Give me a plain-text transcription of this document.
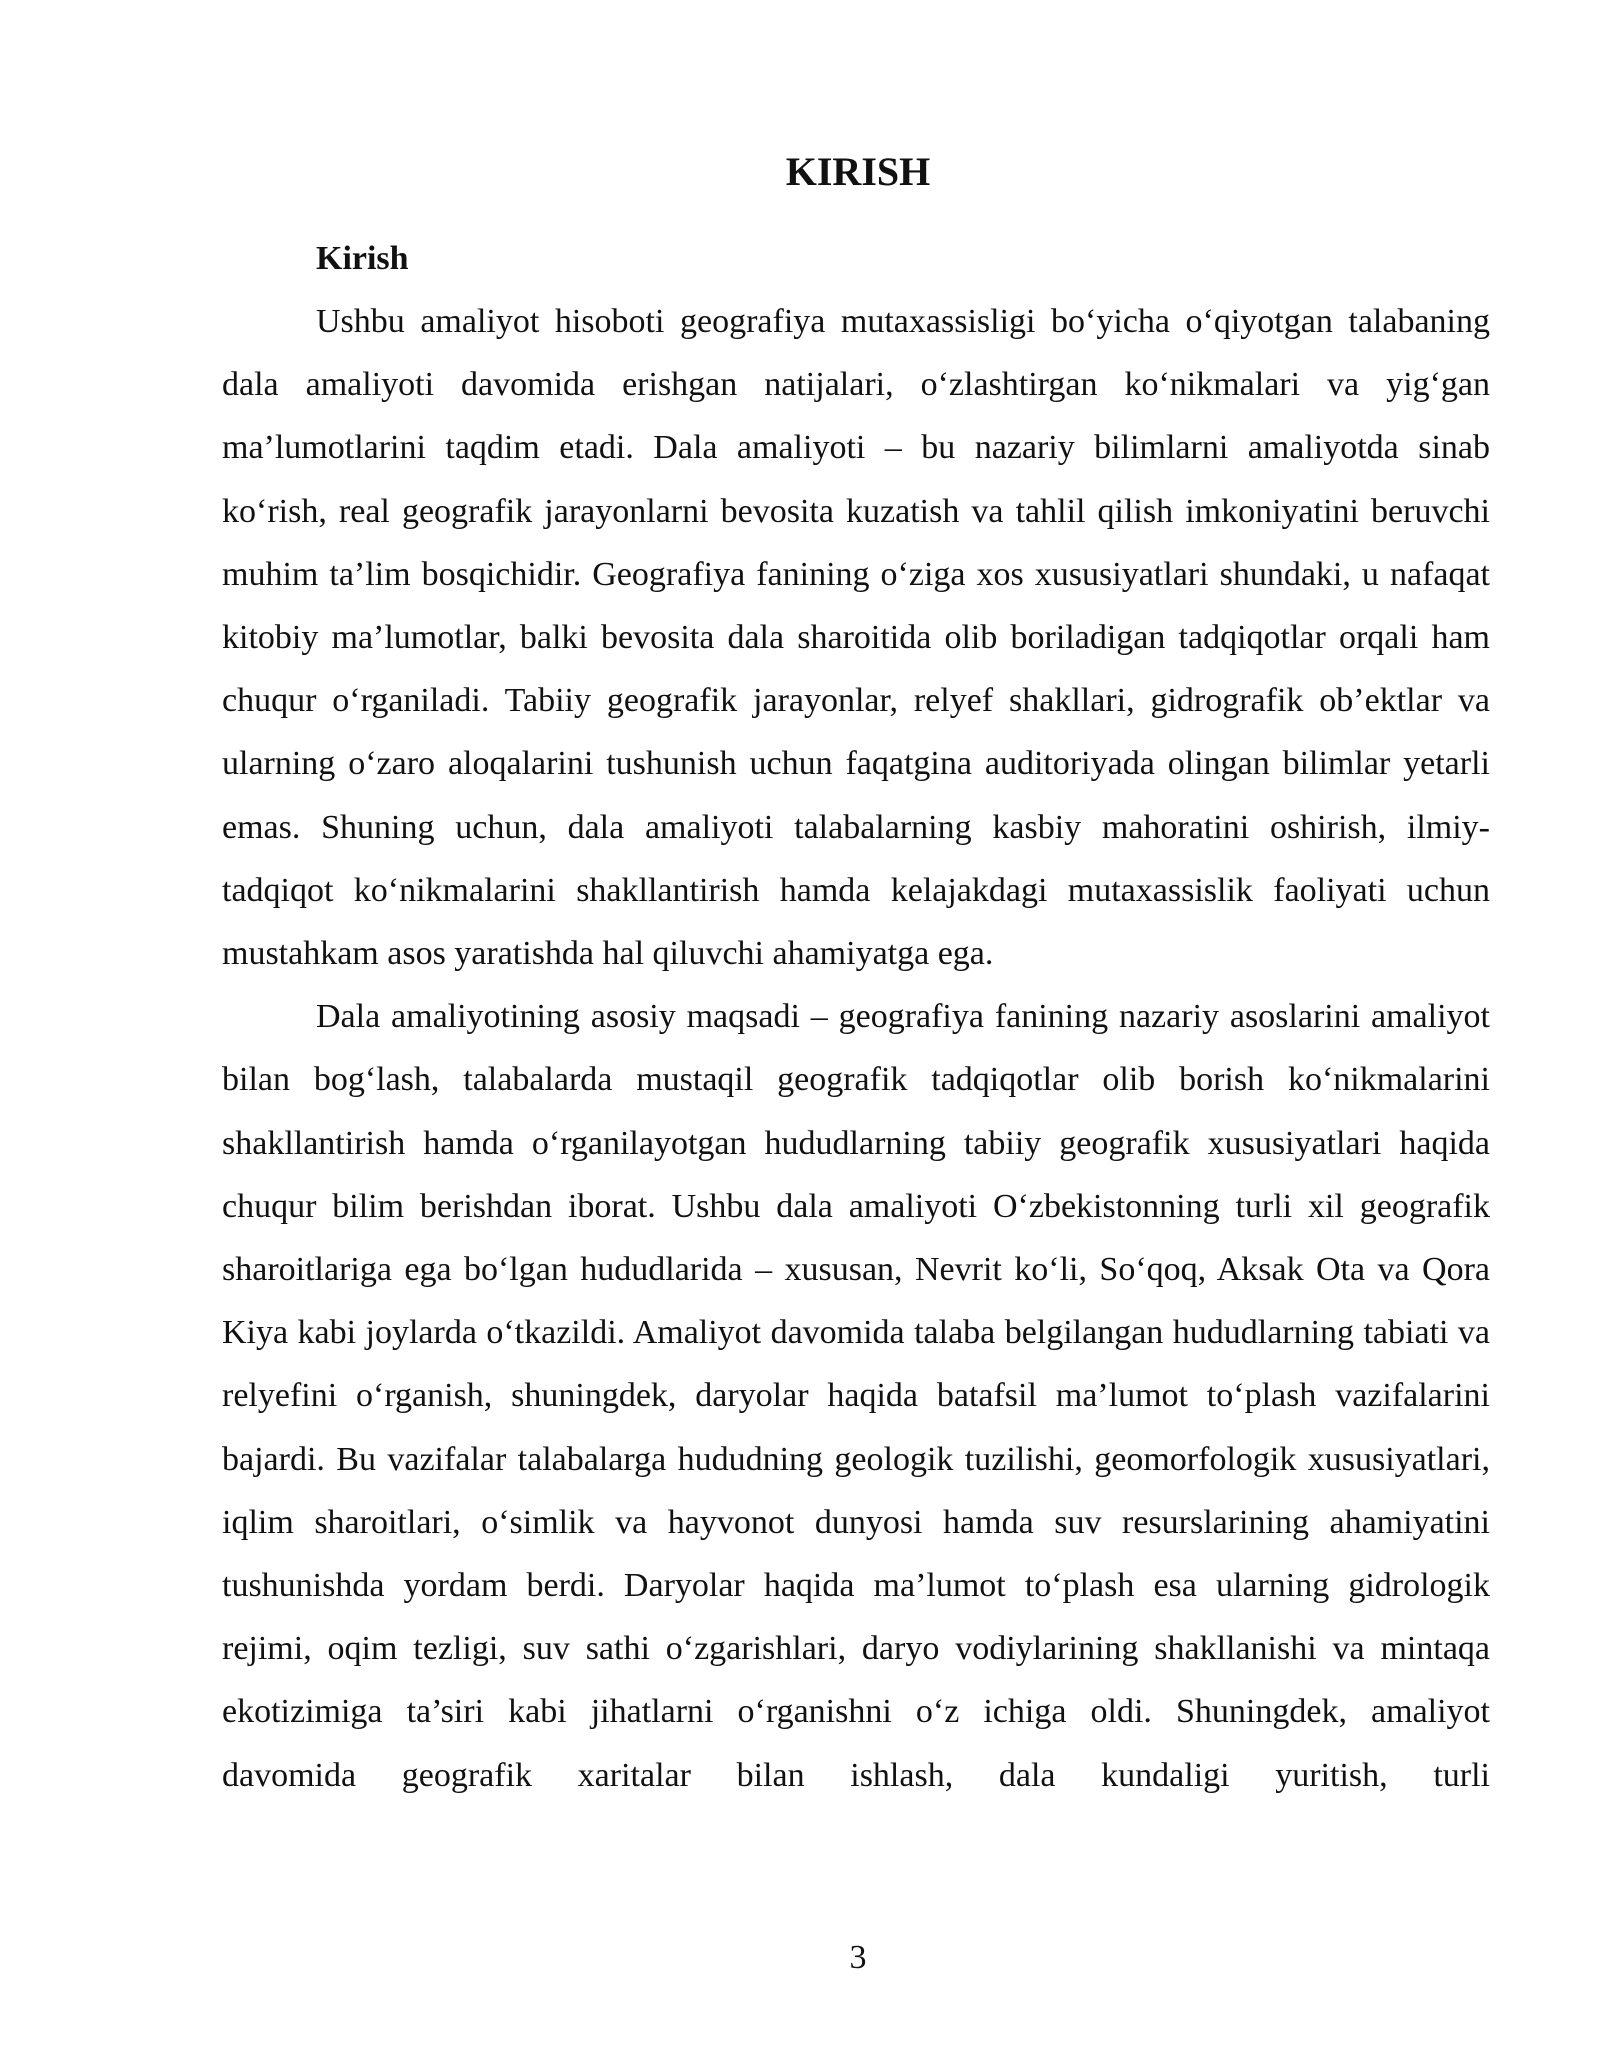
KIRISH
Kirish

Ushbu amaliyot hisoboti geografiya mutaxassisligi bo‘yicha o‘qiyotgan talabaning dala amaliyoti davomida erishgan natijalari, o‘zlashtirgan ko‘nikmalari va yig‘gan ma’lumotlarini taqdim etadi. Dala amaliyoti – bu nazariy bilimlarni amaliyotda sinab ko‘rish, real geografik jarayonlarni bevosita kuzatish va tahlil qilish imkoniyatini beruvchi muhim ta’lim bosqichidir. Geografiya fanining o‘ziga xos xususiyatlari shundaki, u nafaqat kitobiy ma’lumotlar, balki bevosita dala sharoitida olib boriladigan tadqiqotlar orqali ham chuqur o‘rganiladi. Tabiiy geografik jarayonlar, relyef shakllari, gidrografik ob’ektlar va ularning o‘zaro aloqalarini tushunish uchun faqatgina auditoriyada olingan bilimlar yetarli emas. Shuning uchun, dala amaliyoti talabalarning kasbiy mahoratini oshirish, ilmiy-tadqiqot ko‘nikmalarini shakllantirish hamda kelajakdagi mutaxassislik faoliyati uchun mustahkam asos yaratishda hal qiluvchi ahamiyatga ega.

Dala amaliyotining asosiy maqsadi – geografiya fanining nazariy asoslarini amaliyot bilan bog‘lash, talabalarda mustaqil geografik tadqiqotlar olib borish ko‘nikmalarini shakllantirish hamda o‘rganilayotgan hududlarning tabiiy geografik xususiyatlari haqida chuqur bilim berishdan iborat. Ushbu dala amaliyoti O‘zbekistonning turli xil geografik sharoitlariga ega bo‘lgan hududlarida – xususan, Nevrit ko‘li, So‘qoq, Aksak Ota va Qora Kiya kabi joylarda o‘tkazildi. Amaliyot davomida talaba belgilangan hududlarning tabiati va relyefini o‘rganish, shuningdek, daryolar haqida batafsil ma’lumot to‘plash vazifalarini bajardi. Bu vazifalar talabalarga hududning geologik tuzilishi, geomorfologik xususiyatlari, iqlim sharoitlari, o‘simlik va hayvonot dunyosi hamda suv resurslarining ahamiyatini tushunishda yordam berdi. Daryolar haqida ma’lumot to‘plash esa ularning gidrologik rejimi, oqim tezligi, suv sathi o‘zgarishlari, daryo vodiylarining shakllanishi va mintaqa ekotizimiga ta’siri kabi jihatlarni o‘rganishni o‘z ichiga oldi. Shuningdek, amaliyot davomida geografik xaritalar bilan ishlash, dala kundaligi yuritish, turli

3
